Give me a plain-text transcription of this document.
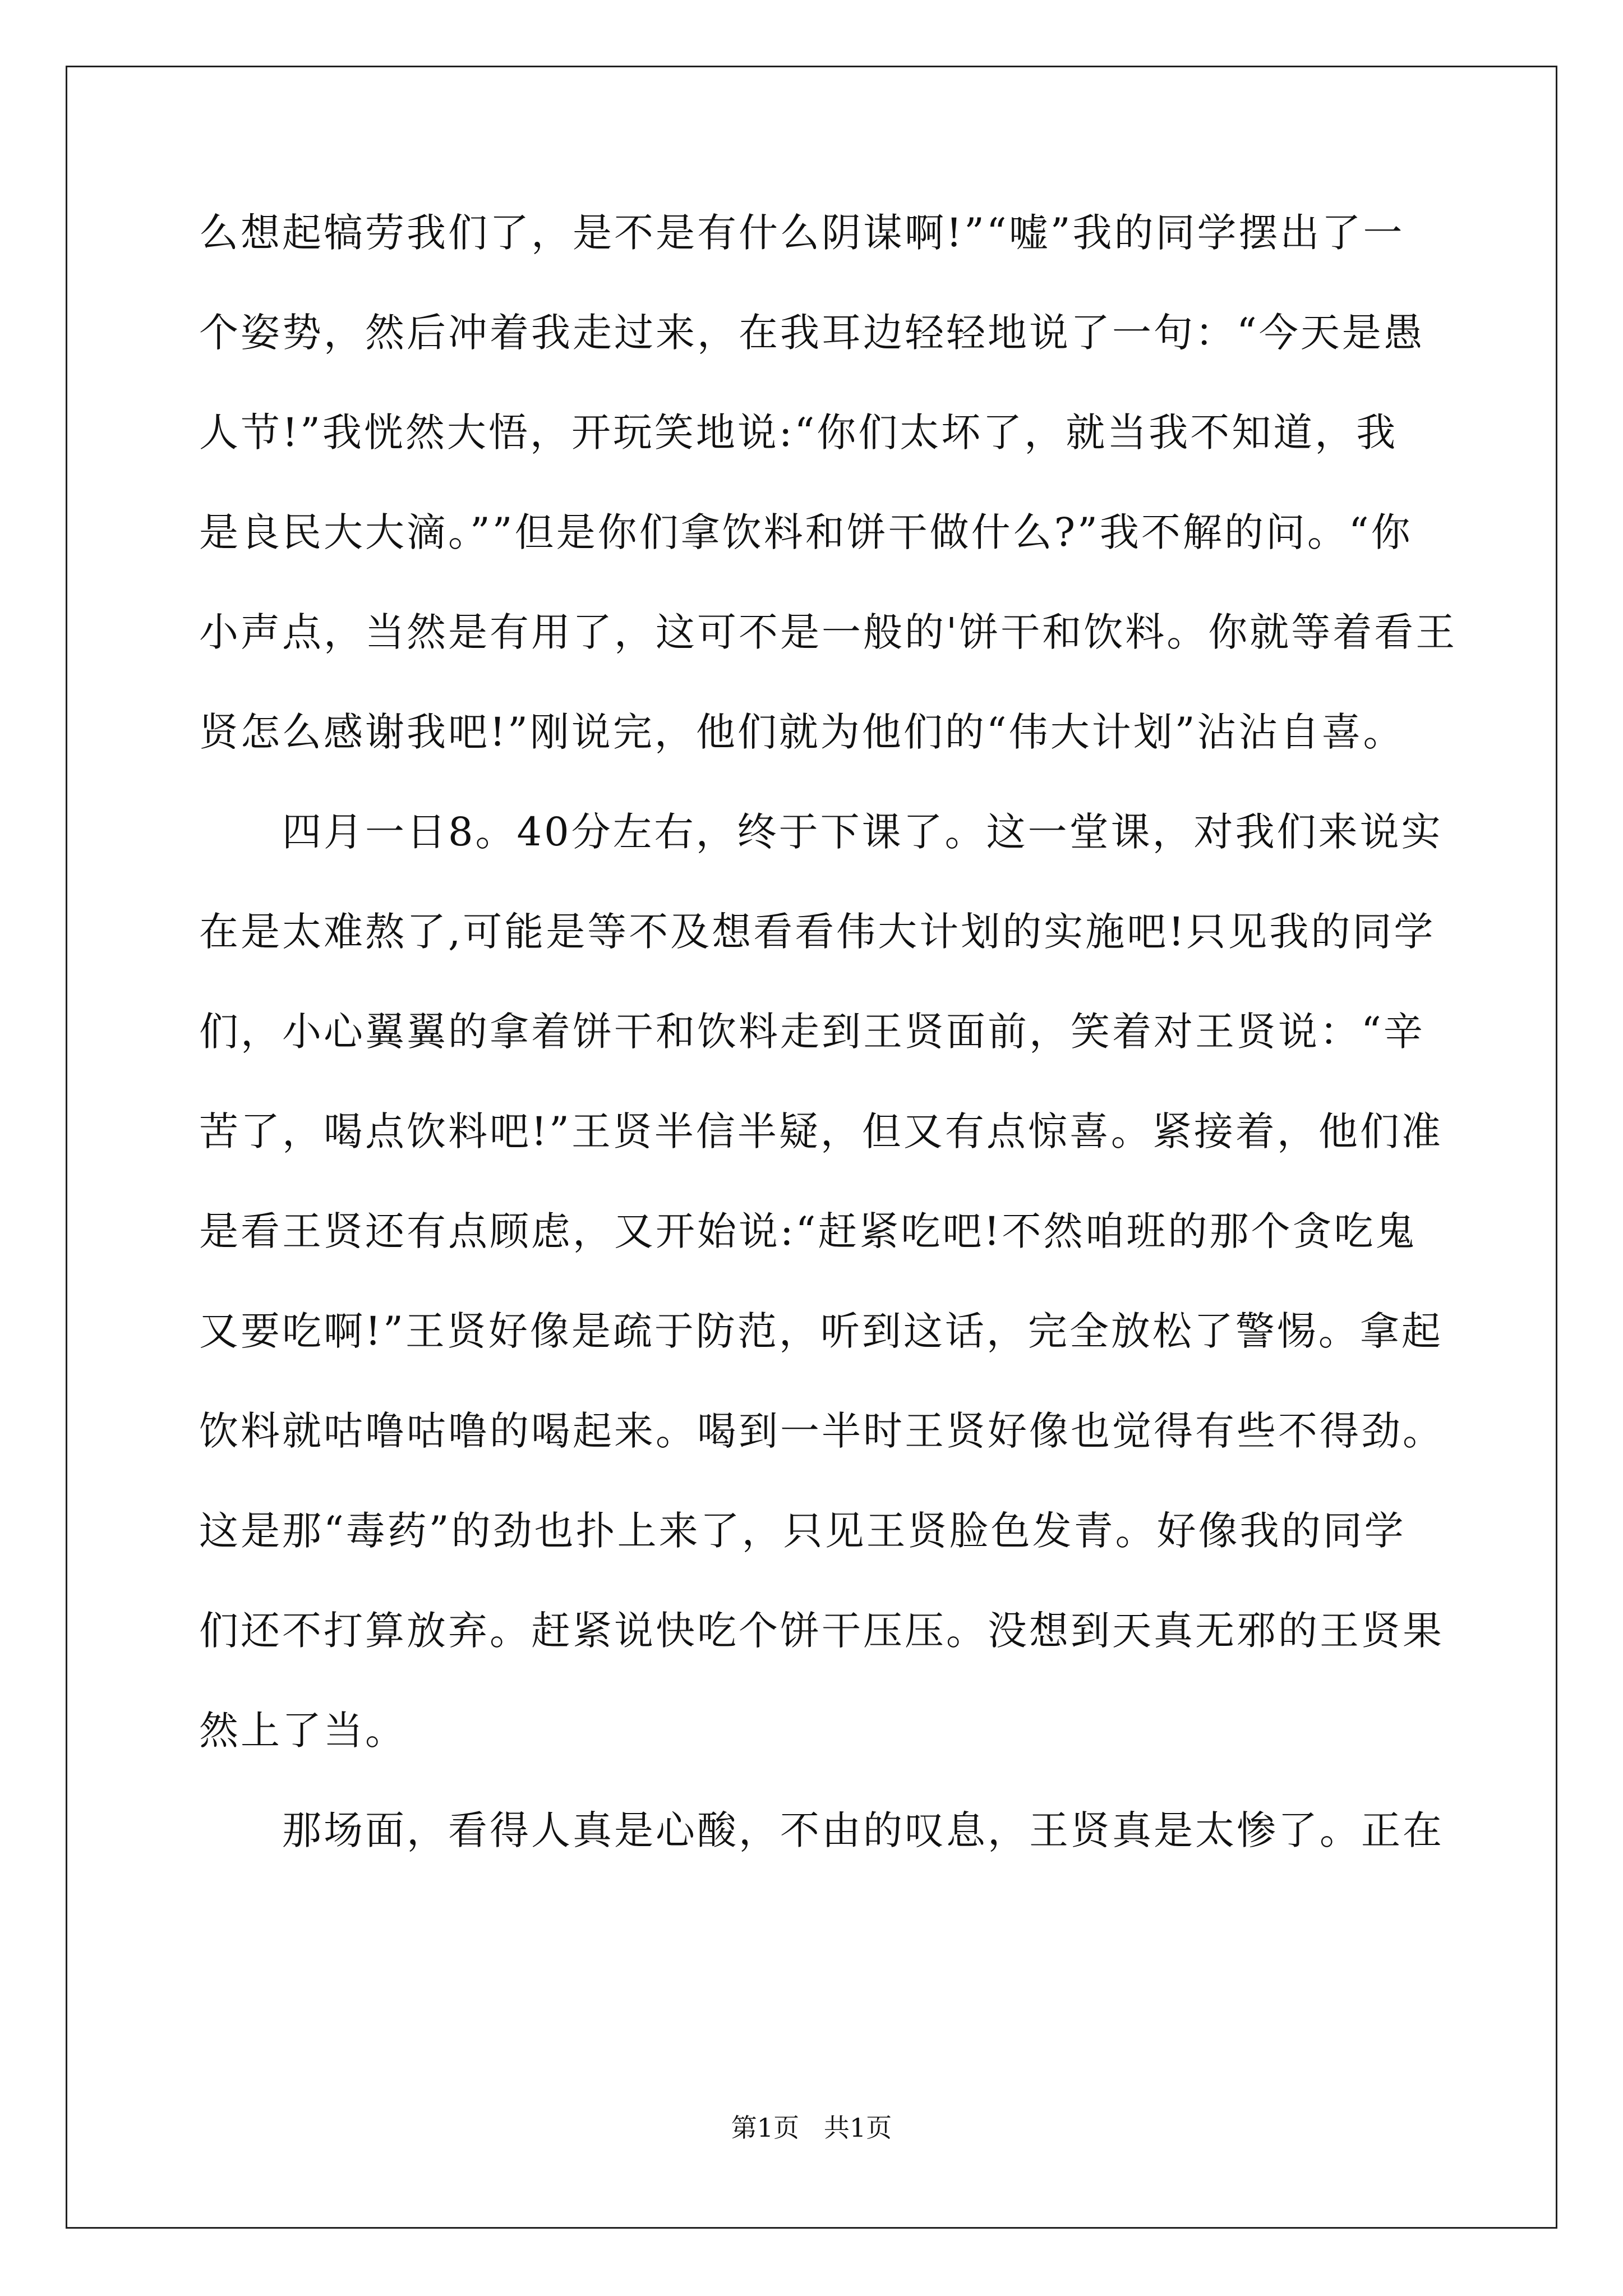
么想起犒劳我们了，是不是有什么阴谋啊!”“嘘”我的同学摆出了一
个姿势，然后冲着我走过来，在我耳边轻轻地说了一句：“今天是愚
人节!”我恍然大悟，开玩笑地说:“你们太坏了，就当我不知道，我
是良民大大滴。””但是你们拿饮料和饼干做什么?”我不解的问。“你
小声点，当然是有用了，这可不是一般的'饼干和饮料。你就等着看王
贤怎么感谢我吧!”刚说完，他们就为他们的“伟大计划”沾沾自喜。
四月一日8。40分左右，终于下课了。这一堂课，对我们来说实
在是太难熬了,可能是等不及想看看伟大计划的实施吧!只见我的同学
们，小心翼翼的拿着饼干和饮料走到王贤面前，笑着对王贤说：“辛
苦了，喝点饮料吧!”王贤半信半疑，但又有点惊喜。紧接着，他们准
是看王贤还有点顾虑，又开始说:“赶紧吃吧!不然咱班的那个贪吃鬼
又要吃啊!”王贤好像是疏于防范，听到这话，完全放松了警惕。拿起
饮料就咕噜咕噜的喝起来。喝到一半时王贤好像也觉得有些不得劲。
这是那“毒药”的劲也扑上来了，只见王贤脸色发青。好像我的同学
们还不打算放弃。赶紧说快吃个饼干压压。没想到天真无邪的王贤果
然上了当。
那场面，看得人真是心酸，不由的叹息，王贤真是太惨了。正在
第1页   共1页
